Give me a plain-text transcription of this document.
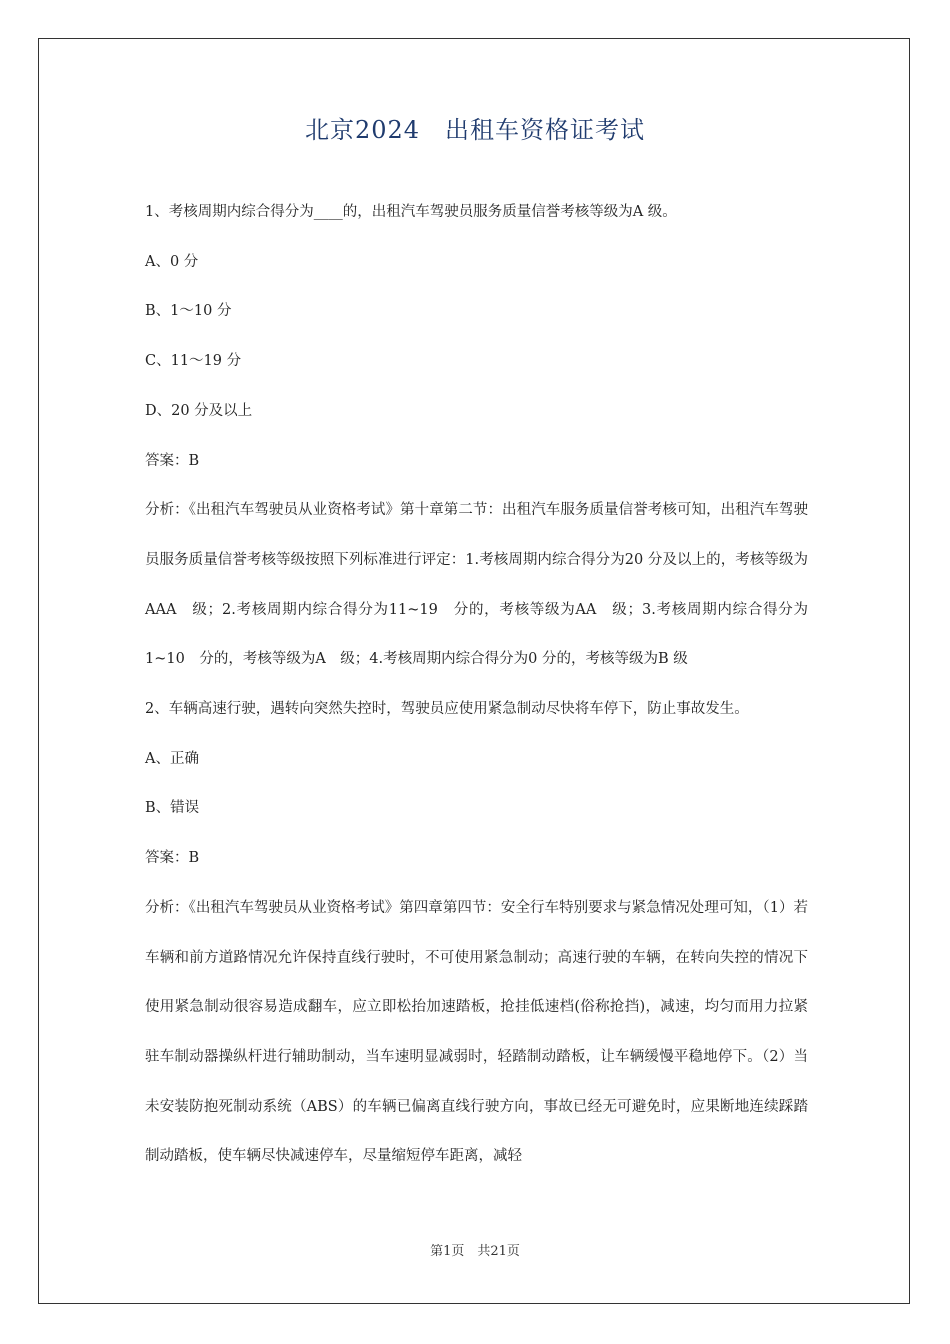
北京2024　出租车资格证考试

1、考核周期内综合得分为____的，出租汽车驾驶员服务质量信誉考核等级为A 级。

A、0 分

B、1～10 分

C、11～19 分

D、20 分及以上

答案：B

分析：《出租汽车驾驶员从业资格考试》第十章第二节：出租汽车服务质量信誉考核可知，出租汽车驾驶员服务质量信誉考核等级按照下列标准进行评定：1.考核周期内综合得分为20 分及以上的，考核等级为AAA　级；2.考核周期内综合得分为11~19　分的，考核等级为AA　级；3.考核周期内综合得分为1~10　分的，考核等级为A　级；4.考核周期内综合得分为0 分的，考核等级为B 级

2、车辆高速行驶，遇转向突然失控时，驾驶员应使用紧急制动尽快将车停下，防止事故发生。

A、正确

B、错误

答案：B

分析：《出租汽车驾驶员从业资格考试》第四章第四节：安全行车特别要求与紧急情况处理可知，（1）若车辆和前方道路情况允许保持直线行驶时，不可使用紧急制动；高速行驶的车辆，在转向失控的情况下使用紧急制动很容易造成翻车，应立即松抬加速踏板，抢挂低速档(俗称抢挡)，减速，均匀而用力拉紧驻车制动器操纵杆进行辅助制动，当车速明显减弱时，轻踏制动踏板，让车辆缓慢平稳地停下。（2）当未安装防抱死制动系统（ABS）的车辆已偏离直线行驶方向，事故已经无可避免时，应果断地连续踩踏制动踏板，使车辆尽快减速停车，尽量缩短停车距离，减轻

第1页　共21页
